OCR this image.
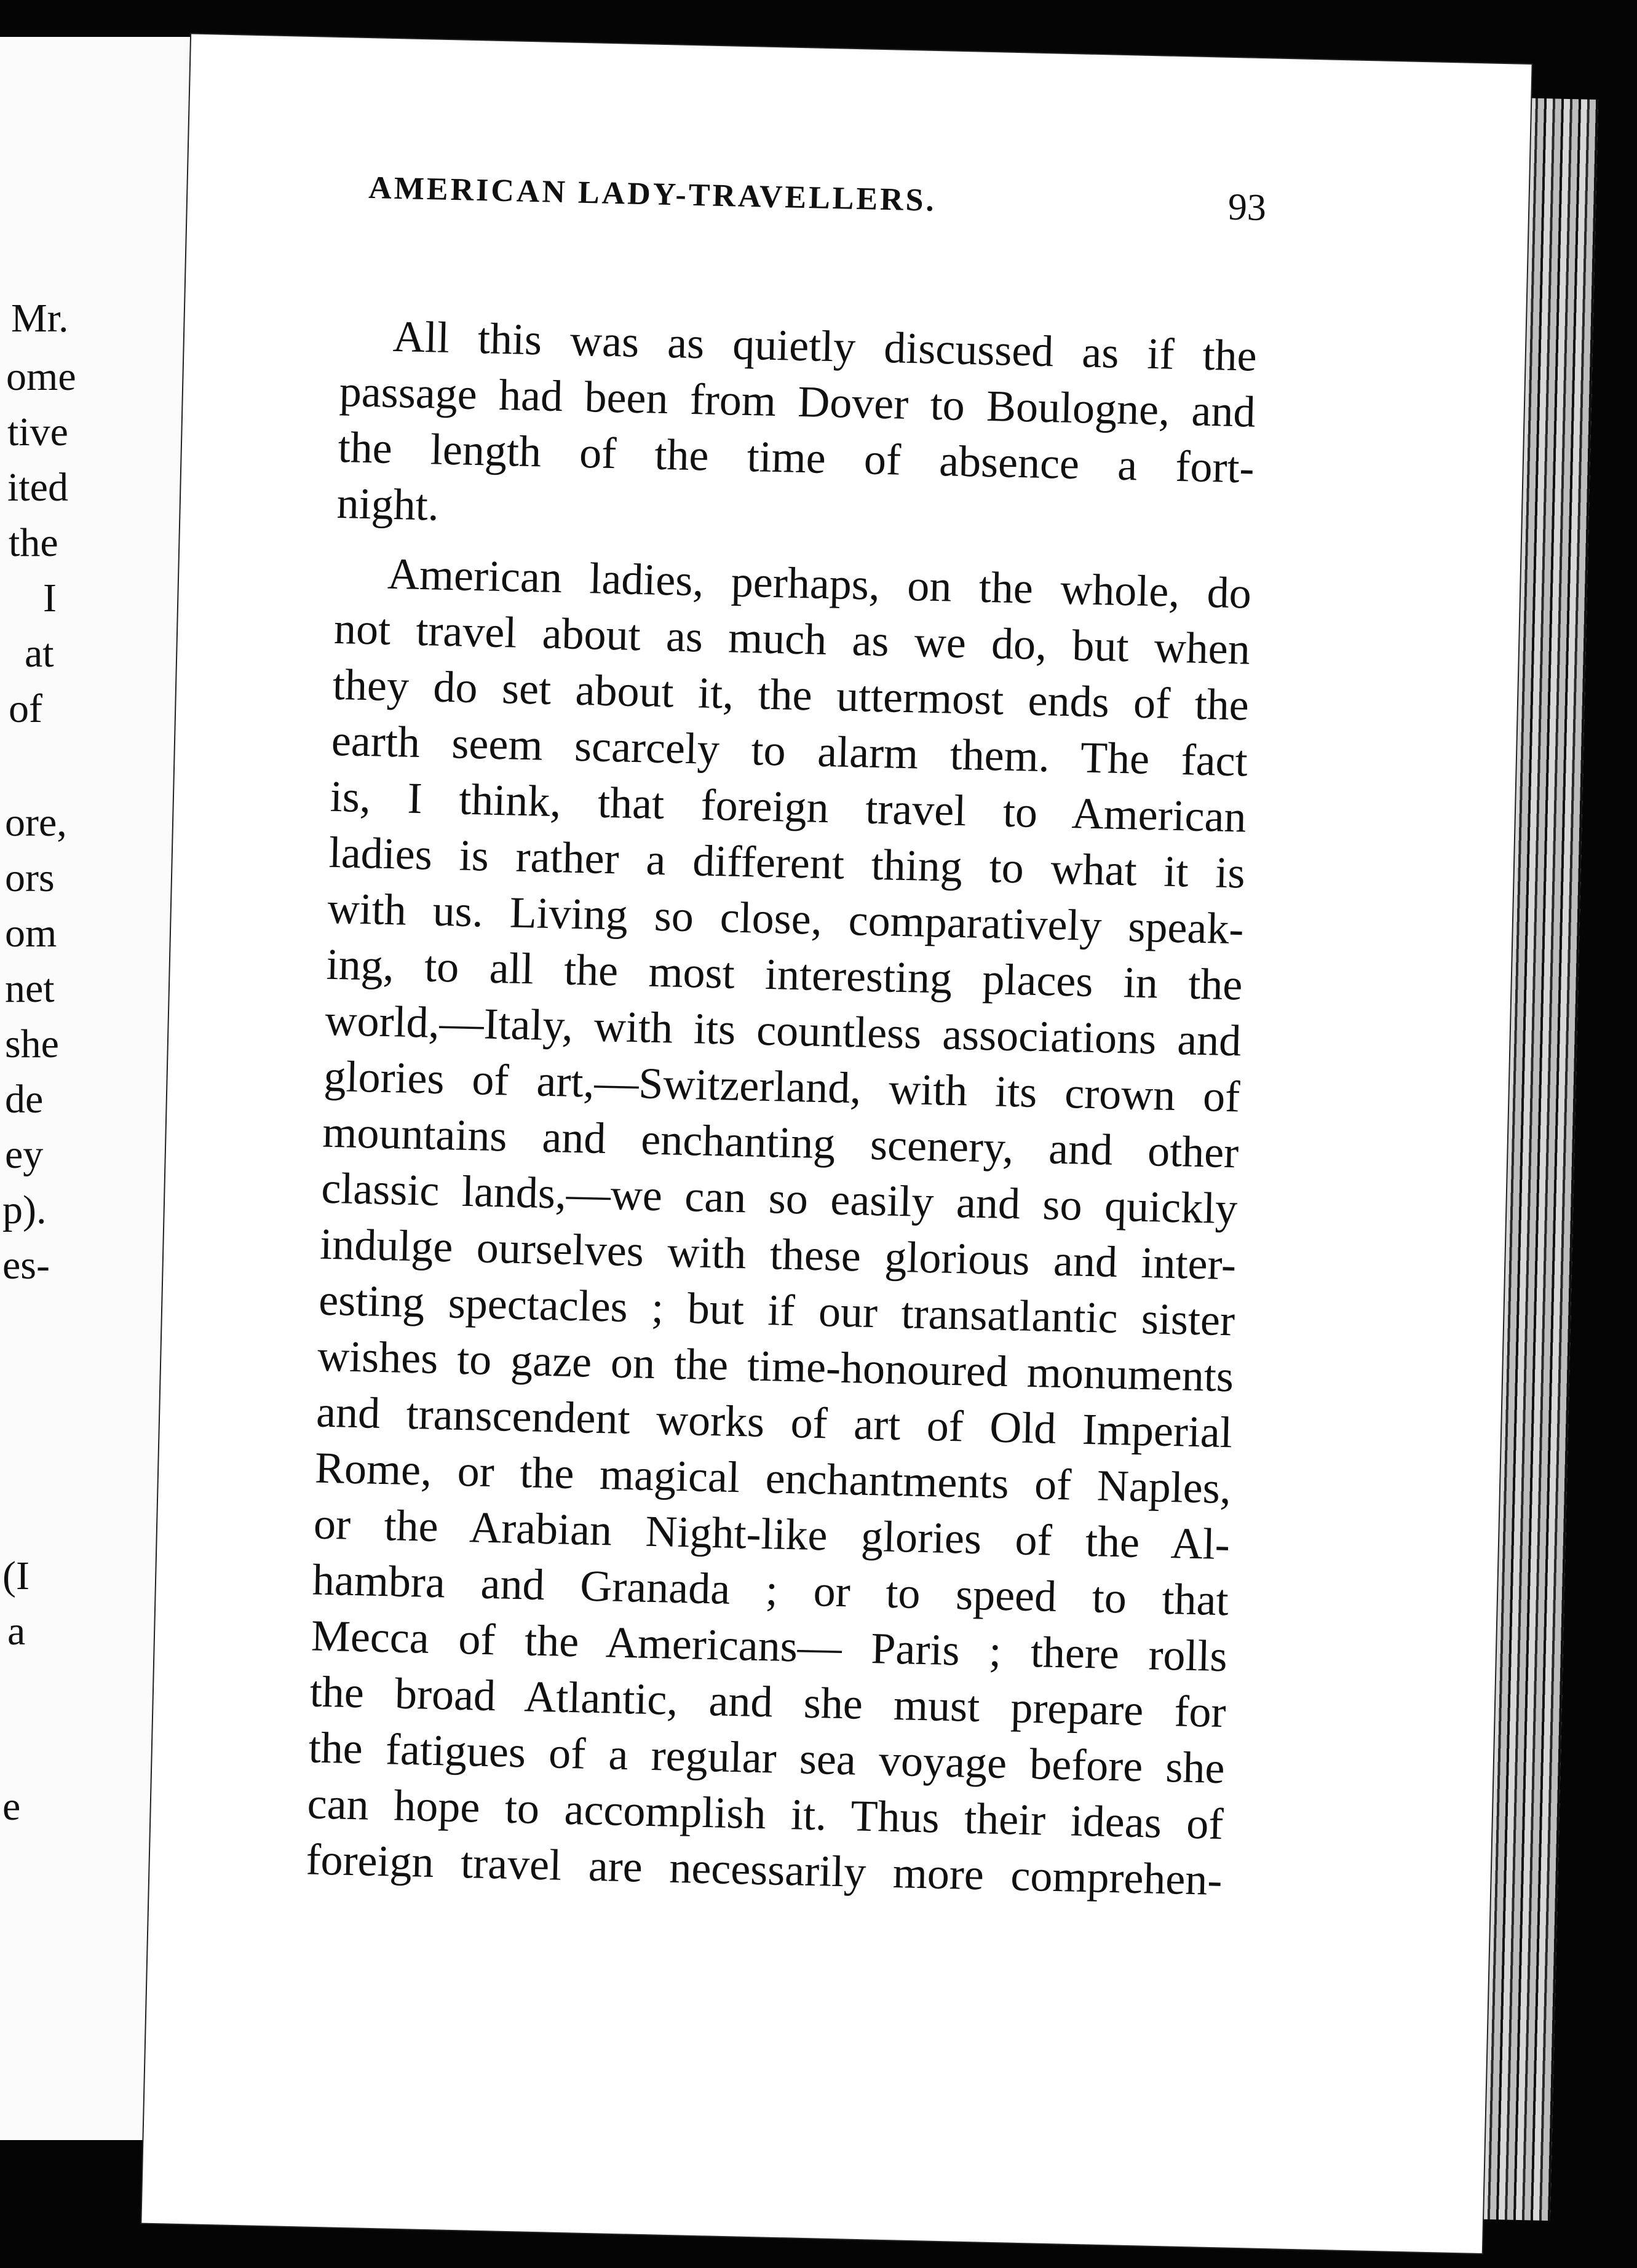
Mr.
ome
tive
ited
the
I
at
of
ore,
ors
om
net
she
de
ey
p).
es-
(I
a
e
AMERICAN LADY-TRAVELLERS.	93
All this was as quietly discussed as if the
passage had been from Dover to Boulogne, and
the length of the time of absence a fort-
night.
American ladies, perhaps, on the whole, do
not travel about as much as we do, but when
they do set about it, the uttermost ends of the
earth seem scarcely to alarm them. The fact
is, I think, that foreign travel to American
ladies is rather a different thing to what it is
with us. Living so close, comparatively speak-
ing, to all the most interesting places in the
world,—Italy, with its countless associations and
glories of art,—Switzerland, with its crown of
mountains and enchanting scenery, and other
classic lands,—we can so easily and so quickly
indulge ourselves with these glorious and inter-
esting spectacles ; but if our transatlantic sister
wishes to gaze on the time-honoured monuments
and transcendent works of art of Old Imperial
Rome, or the magical enchantments of Naples,
or the Arabian Night-like glories of the Al-
hambra and Granada ; or to speed to that
Mecca of the Americans— Paris ; there rolls
the broad Atlantic, and she must prepare for
the fatigues of a regular sea voyage before she
can hope to accomplish it. Thus their ideas of
foreign travel are necessarily more comprehen-
